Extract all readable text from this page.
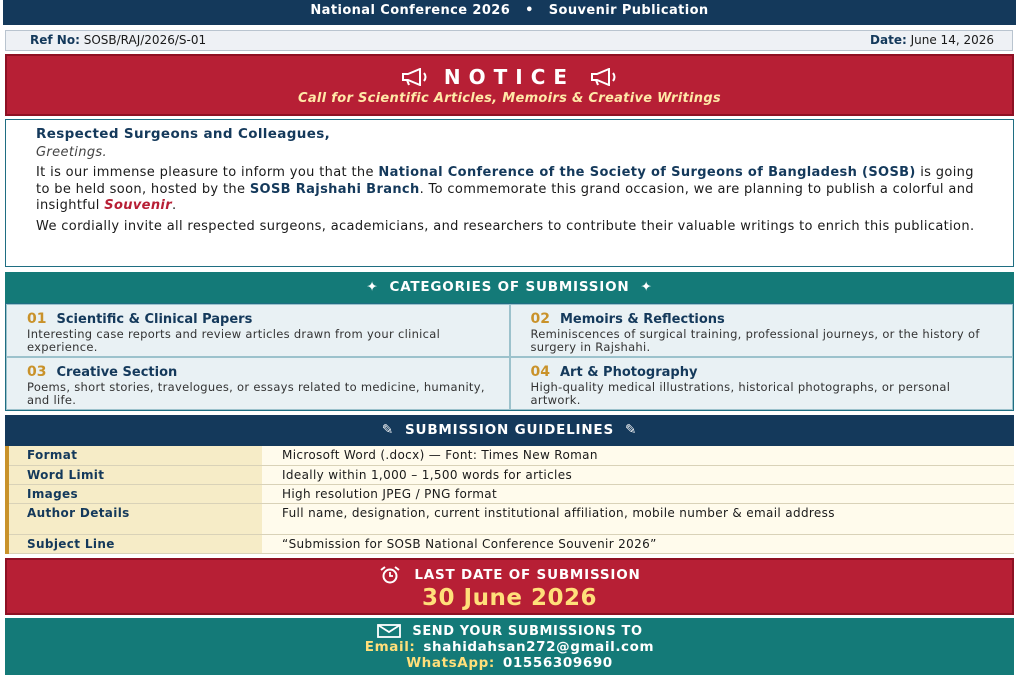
National Conference 2026 • Souvenir Publication
Ref No: SOSB/RAJ/2026/S-01	Date: June 14, 2026
NOTICE
Call for Scientific Articles, Memoirs & Creative Writings
Respected Surgeons and Colleagues,
Greetings.

It is our immense pleasure to inform you that the National Conference of the Society of Surgeons of Bangladesh (SOSB) is going to be held soon, hosted by the SOSB Rajshahi Branch. To commemorate this grand occasion, we are planning to publish a colorful and insightful Souvenir.

We cordially invite all respected surgeons, academicians, and researchers to contribute their valuable writings to enrich this publication.

✦ CATEGORIES OF SUBMISSION ✦
01 Scientific & Clinical Papers
Interesting case reports and review articles drawn from your clinical experience.
02 Memoirs & Reflections
Reminiscences of surgical training, professional journeys, or the history of surgery in Rajshahi.
03 Creative Section
Poems, short stories, travelogues, or essays related to medicine, humanity, and life.
04 Art & Photography
High-quality medical illustrations, historical photographs, or personal artwork.
✎ SUBMISSION GUIDELINES ✎
Format	Microsoft Word (.docx) — Font: Times New Roman
Word Limit	Ideally within 1,000 – 1,500 words for articles
Images	High resolution JPEG / PNG format
Author Details	Full name, designation, current institutional affiliation, mobile number & email address
Subject Line	“Submission for SOSB National Conference Souvenir 2026”
LAST DATE OF SUBMISSION
30 June 2026
SEND YOUR SUBMISSIONS TO
Email: shahidahsan272@gmail.com
WhatsApp: 01556309690
